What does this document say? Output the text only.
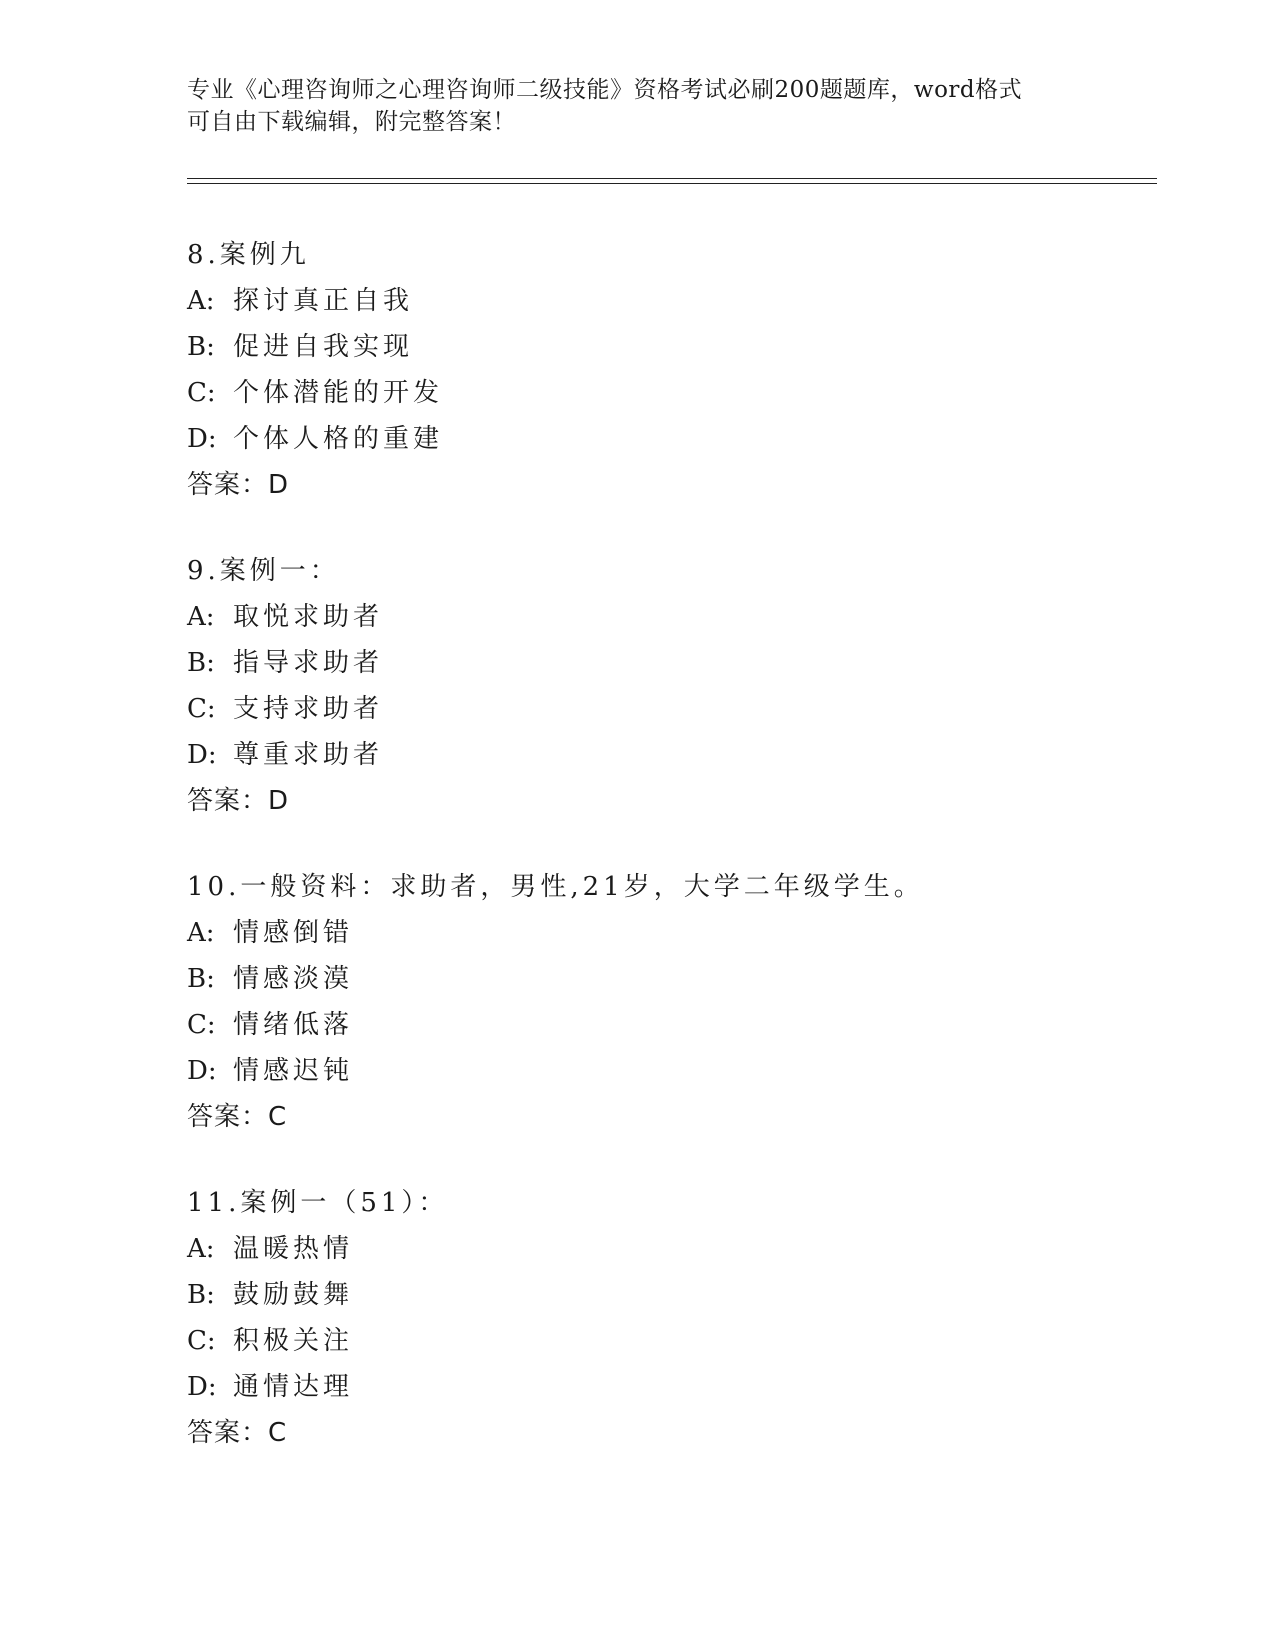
专业《心理咨询师之心理咨询师二级技能》资格考试必刷200题题库，word格式
可自由下载编辑，附完整答案！
8.案例九
A: 探讨真正自我
B: 促进自我实现
C: 个体潜能的开发
D: 个体人格的重建
答案：D
9.案例一：
A: 取悦求助者
B: 指导求助者
C: 支持求助者
D: 尊重求助者
答案：D
10.一般资料：求助者，男性,21岁，大学二年级学生。
A: 情感倒错
B: 情感淡漠
C: 情绪低落
D: 情感迟钝
答案：C
11.案例一（51）：
A: 温暖热情
B: 鼓励鼓舞
C: 积极关注
D: 通情达理
答案：C
